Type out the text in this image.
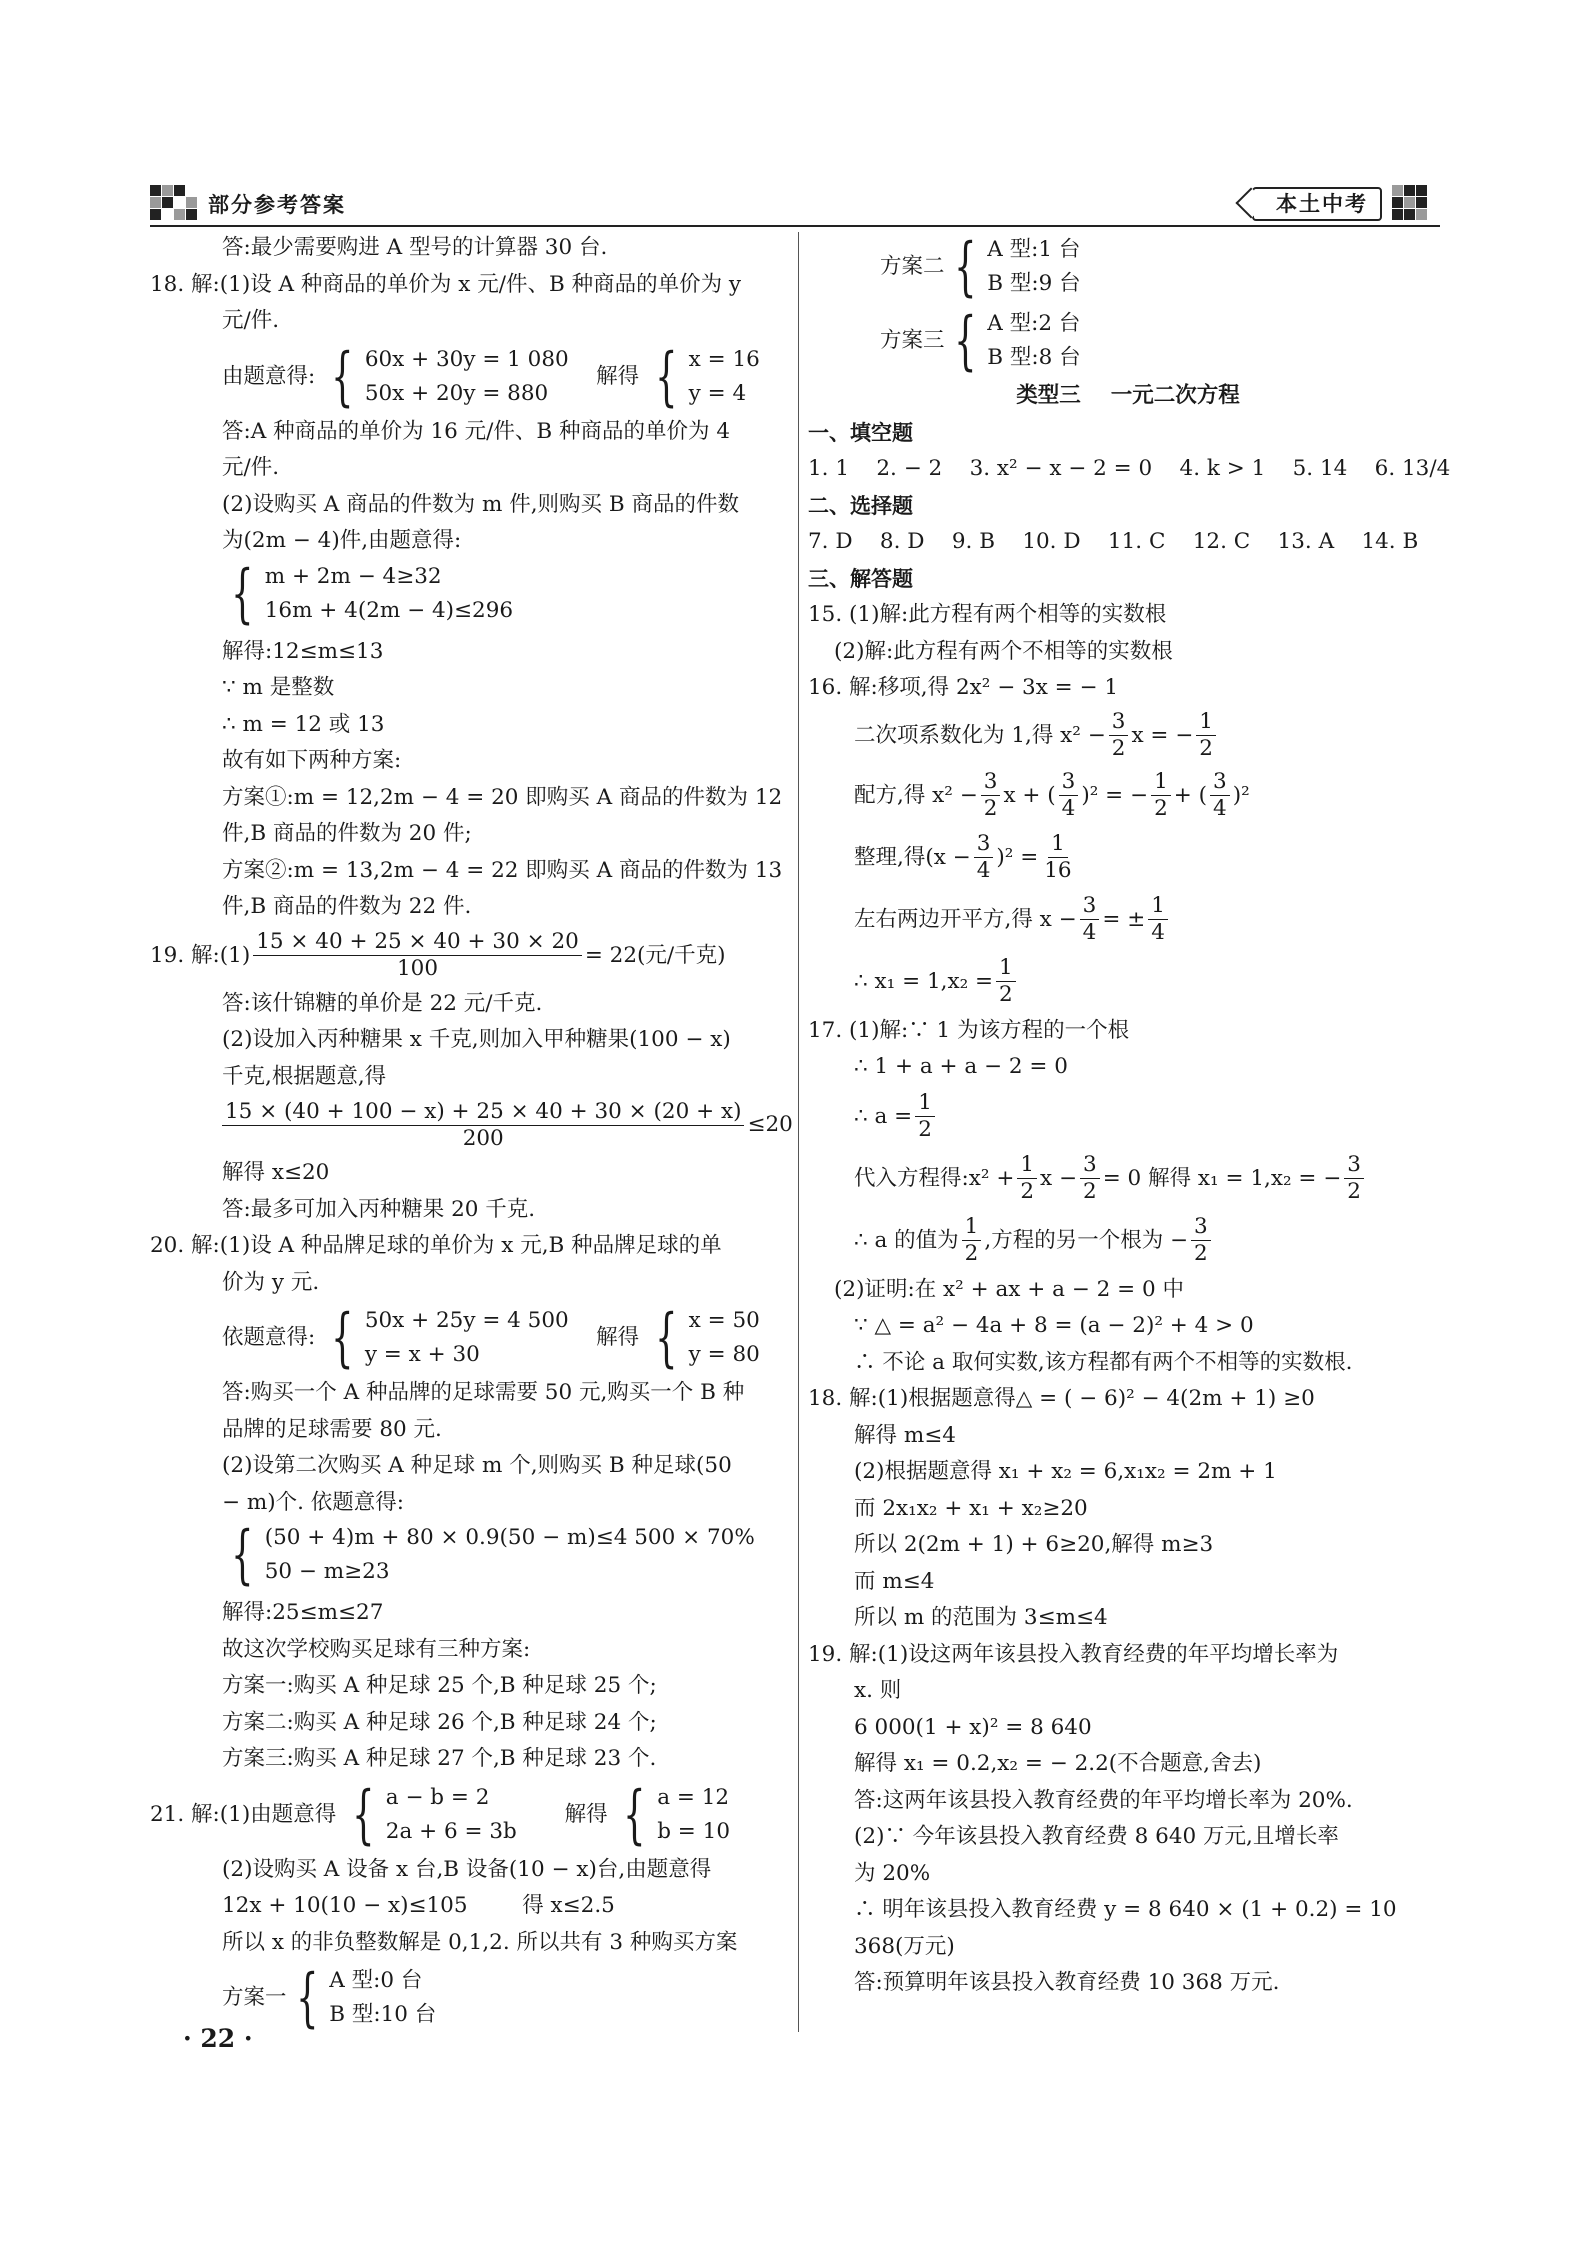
部分参考答案	本土中考
答:最少需要购进 A 型号的计算器 30 台.
18. 解:(1)设 A 种商品的单价为 x 元/件、B 种商品的单价为 y
元/件.
由题意得: { 60x + 30y = 1 080
50x + 20y = 880
解得 { x = 16
y = 4
答:A 种商品的单价为 16 元/件、B 种商品的单价为 4
元/件.
(2)设购买 A 商品的件数为 m 件,则购买 B 商品的件数
为(2m − 4)件,由题意得:
{ m + 2m − 4≥32
16m + 4(2m − 4)≤296
解得:12≤m≤13
∵ m 是整数
∴ m = 12 或 13
故有如下两种方案:
方案①:m = 12,2m − 4 = 20 即购买 A 商品的件数为 12
件,B 商品的件数为 20 件;
方案②:m = 13,2m − 4 = 22 即购买 A 商品的件数为 13
件,B 商品的件数为 22 件.
19. 解:(1) $\frac{15 \times 40 + 25 \times 40 + 30 \times 20}{100} = 22$(元/千克)
答:该什锦糖的单价是 22 元/千克.
(2)设加入丙种糖果 x 千克,则加入甲种糖果(100 − x)
千克,根据题意,得
$\frac{15 \times (40 + 100 - x) + 25 \times 40 + 30 \times (20 + x)}{200} \le 20$
解得 x≤20
答:最多可加入丙种糖果 20 千克.
20. 解:(1)设 A 种品牌足球的单价为 x 元,B 种品牌足球的单
价为 y 元.
依题意得: { 50x + 25y = 4 500
y = x + 30
解得 { x = 50
y = 80
答:购买一个 A 种品牌的足球需要 50 元,购买一个 B 种
品牌的足球需要 80 元.
(2)设第二次购买 A 种足球 m 个,则购买 B 种足球(50
− m)个. 依题意得:
{ (50 + 4)m + 80 × 0.9(50 − m)≤4 500 × 70%
50 − m≥23
解得:25≤m≤27
故这次学校购买足球有三种方案:
方案一:购买 A 种足球 25 个,B 种足球 25 个;
方案二:购买 A 种足球 26 个,B 种足球 24 个;
方案三:购买 A 种足球 27 个,B 种足球 23 个.
21. 解:(1)由题意得 { a − b = 2
2a + 6 = 3b
解得 { a = 12
b = 10
(2)设购买 A 设备 x 台,B 设备(10 − x)台,由题意得
12x + 10(10 − x)≤105        得 x≤2.5
所以 x 的非负整数解是 0,1,2. 所以共有 3 种购买方案
方案一 { A 型:0 台
B 型:10 台
方案二 { A 型:1 台
B 型:9 台
方案三 { A 型:2 台
B 型:8 台
类型三    一元二次方程
一、填空题
1. 1    2. − 2    3. x² − x − 2 = 0    4. k > 1    5. 14    6. 13/4
二、选择题
7. D    8. D    9. B    10. D    11. C    12. C    13. A    14. B
三、解答题
15. (1)解:此方程有两个相等的实数根
(2)解:此方程有两个不相等的实数根
16. 解:移项,得 2x² − 3x = − 1
二次项系数化为 1,得 $x^2 - \frac{3}{2}$ x = − $\frac{1}{2}$
配方,得 $x^2 - \frac{3}{2}$ x + ( $\frac{3}{4} )^2$ = − $\frac{1}{2}$ + ( $\frac{3}{4} )^2$
整理,得$(x - \frac{3}{4} )^2 = \frac{1}{16}$
左右两边开平方,得 $x - \frac{3}{4}$ = ± $\frac{1}{4}$
∴ $x_1 = 1,x_2 = \frac{1}{2}$
17. (1)解:∵ 1 为该方程的一个根
∴ 1 + a + a − 2 = 0
∴ $a = \frac{1}{2}$
代入方程得:x² + $\frac{1}{2}$ $x - \frac{3}{2} = 0$ 解得 x₁ = 1,x₂ = − $\frac{3}{2}$
∴ a 的值为 $\frac{1}{2}$ ,方程的另一个根为 − $\frac{3}{2}$
(2)证明:在 x² + ax + a − 2 = 0 中
∵ △ = a² − 4a + 8 = (a − 2)² + 4 > 0
∴ 不论 a 取何实数,该方程都有两个不相等的实数根.
18. 解:(1)根据题意得△ = ( − 6)² − 4(2m + 1) ≥0
解得 m≤4
(2)根据题意得 x₁ + x₂ = 6,x₁x₂ = 2m + 1
而 2x₁x₂ + x₁ + x₂≥20
所以 2(2m + 1) + 6≥20,解得 m≥3
而 m≤4
所以 m 的范围为 3≤m≤4
19. 解:(1)设这两年该县投入教育经费的年平均增长率为
x. 则
6 000(1 + x)² = 8 640
解得 x₁ = 0.2,x₂ = − 2.2(不合题意,舍去)
答:这两年该县投入教育经费的年平均增长率为 20%.
(2)∵ 今年该县投入教育经费 8 640 万元,且增长率
为 20%
∴ 明年该县投入教育经费 y = 8 640 × (1 + 0.2) = 10
368(万元)
答:预算明年该县投入教育经费 10 368 万元.
· 22 ·
